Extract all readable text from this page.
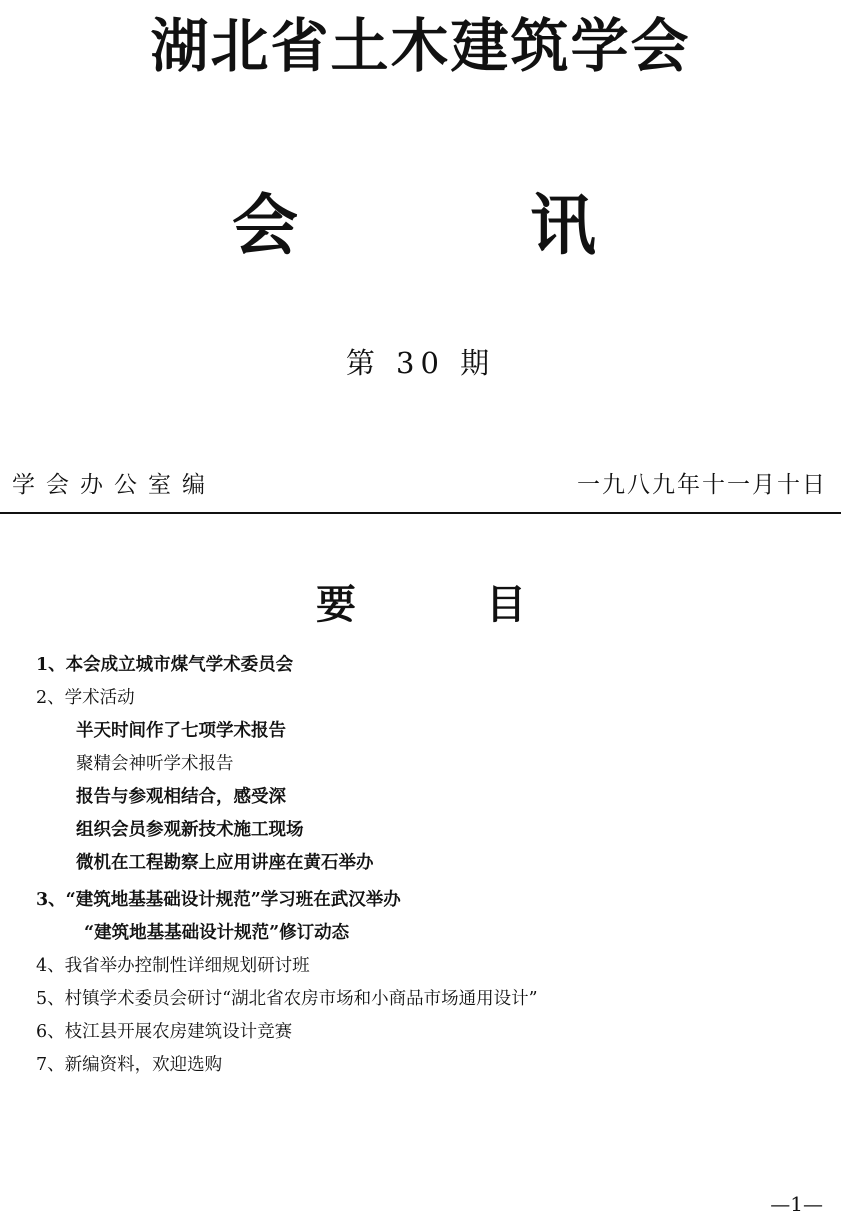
湖北省土木建筑学会
会	讯
第 30 期
学会办公室编	一九八九年十一月十日
要	目
1、本会成立城市煤气学术委员会
2、学术活动
半天时间作了七项学术报告
聚精会神听学术报告
报告与参观相结合，感受深
组织会员参观新技术施工现场
微机在工程勘察上应用讲座在黄石举办
3、“建筑地基基础设计规范”学习班在武汉举办
“建筑地基基础设计规范”修订动态
4、我省举办控制性详细规划研讨班
5、村镇学术委员会研讨“湖北省农房市场和小商品市场通用设计”
6、枝江县开展农房建筑设计竞赛
7、新编资料，欢迎选购
—1—
